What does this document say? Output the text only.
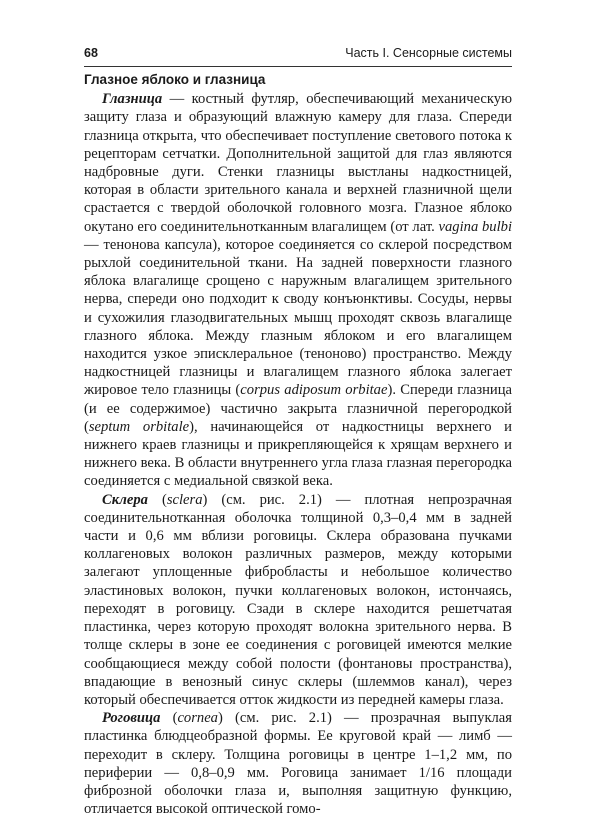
68	Часть I. Сенсорные системы
Глазное яблоко и глазница

Глазница — костный футляр, обеспечивающий механическую защиту глаза и образующий влажную камеру для глаза. Спереди глазница открыта, что обеспечивает поступление светового потока к рецепторам сетчатки. Дополнительной защитой для глаз являются надбровные дуги. Стенки глазницы выстланы надкостницей, которая в области зрительного канала и верхней глазничной щели срастается с твердой оболочкой головного мозга. Глазное яблоко окутано его соединительнотканным влагалищем (от лат. vagina bulbi — тенонова капсула), которое соединяется со склерой посредством рыхлой соединительной ткани. На задней поверхности глазного яблока влагалище срощено с наружным влагалищем зрительного нерва, спереди оно подходит к своду конъюнктивы. Сосуды, нервы и сухожилия глазодвигательных мышц проходят сквозь влагалище глазного яблока. Между глазным яблоком и его влагалищем находится узкое эписклеральное (теноново) пространство. Между надкостницей глазницы и влагалищем глазного яблока залегает жировое тело глазницы (corpus adiposum orbitae). Спереди глазница (и ее содержимое) частично закрыта глазничной перегородкой (septum orbitale), начинающейся от надкостницы верхнего и нижнего краев глазницы и прикрепляющейся к хрящам верхнего и нижнего века. В области внутреннего угла глаза глазная перегородка соединяется с медиальной связкой века.

Склера (sclera) (см. рис. 2.1) — плотная непрозрачная соединительнотканная оболочка толщиной 0,3–0,4 мм в задней части и 0,6 мм вблизи роговицы. Склера образована пучками коллагеновых волокон различных размеров, между которыми залегают уплощенные фибробласты и небольшое количество эластиновых волокон, пучки коллагеновых волокон, истончаясь, переходят в роговицу. Сзади в склере находится решетчатая пластинка, через которую проходят волокна зрительного нерва. В толще склеры в зоне ее соединения с роговицей имеются мелкие сообщающиеся между собой полости (фонтановы пространства), впадающие в венозный синус склеры (шлеммов канал), через который обеспечивается отток жидкости из передней камеры глаза.

Роговица (cornea) (см. рис. 2.1) — прозрачная выпуклая пластинка блюдцеобразной формы. Ее круговой край — лимб — переходит в склеру. Толщина роговицы в центре 1–1,2 мм, по периферии — 0,8–0,9 мм. Роговица занимает 1/16 площади фиброзной оболочки глаза и, выполняя защитную функцию, отличается высокой оптической гомо-
